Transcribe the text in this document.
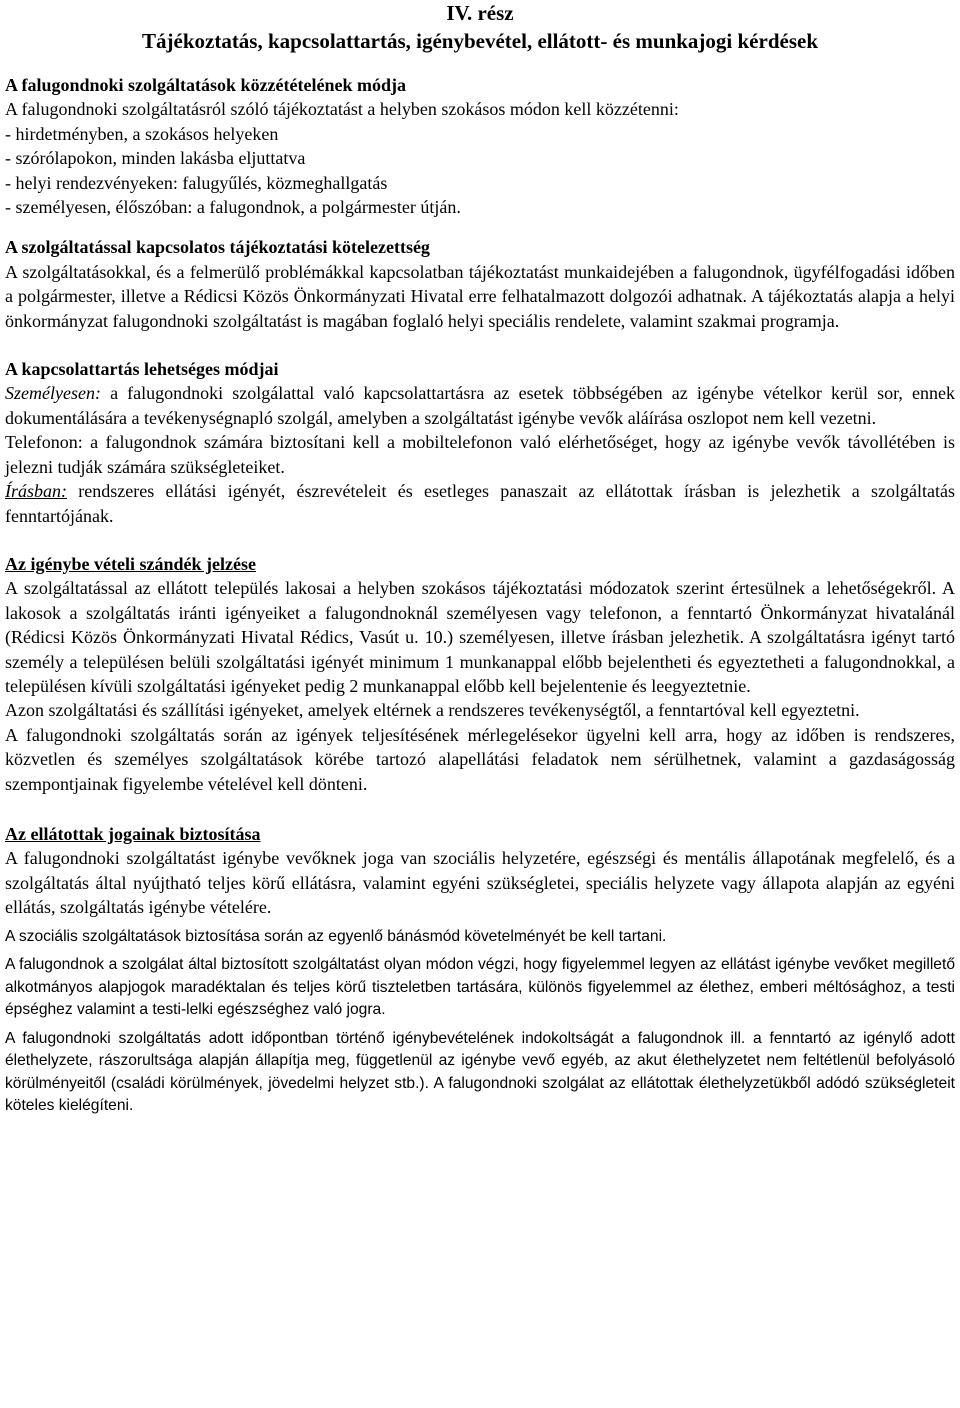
IV. rész
Tájékoztatás, kapcsolattartás, igénybevétel, ellátott- és munkajogi kérdések
A falugondnoki szolgáltatások közzétételének módja
A falugondnoki szolgáltatásról szóló tájékoztatást a helyben szokásos módon kell közzétenni:
- hirdetményben, a szokásos helyeken
- szórólapokon, minden lakásba eljuttatva
- helyi rendezvényeken: falugyűlés, közmeghallgatás
- személyesen, élőszóban: a falugondnok, a polgármester útján.
A szolgáltatással kapcsolatos tájékoztatási kötelezettség
A szolgáltatásokkal, és a felmerülő problémákkal kapcsolatban tájékoztatást munkaidejében a falugondnok, ügyfélfogadási időben a polgármester, illetve a Rédicsi Közös Önkormányzati Hivatal erre felhatalmazott dolgozói adhatnak. A tájékoztatás alapja a helyi önkormányzat falugondnoki szolgáltatást is magában foglaló helyi speciális rendelete, valamint szakmai programja.
A kapcsolattartás lehetséges módjai
Személyesen: a falugondnoki szolgálattal való kapcsolattartásra az esetek többségében az igénybe vételkor kerül sor, ennek dokumentálására a tevékenységnapló szolgál, amelyben a szolgáltatást igénybe vevők aláírása oszlopot nem kell vezetni.
Telefonon: a falugondnok számára biztosítani kell a mobiltelefonon való elérhetőséget, hogy az igénybe vevők távollétében is jelezni tudják számára szükségleteiket.
Írásban: rendszeres ellátási igényét, észrevételeit és esetleges panaszait az ellátottak írásban is jelezhetik a szolgáltatás fenntartójának.
Az igénybe vételi szándék jelzése
A szolgáltatással az ellátott település lakosai a helyben szokásos tájékoztatási módozatok szerint értesülnek a lehetőségekről. A lakosok a szolgáltatás iránti igényeiket a falugondnoknál személyesen vagy telefonon, a fenntartó Önkormányzat hivatalánál (Rédicsi Közös Önkormányzati Hivatal Rédics, Vasút u. 10.) személyesen, illetve írásban jelezhetik. A szolgáltatásra igényt tartó személy a településen belüli szolgáltatási igényét minimum 1 munkanappal előbb bejelentheti és egyeztetheti a falugondnokkal, a településen kívüli szolgáltatási igényeket pedig 2 munkanappal előbb kell bejelentenie és leegyeztetnie.
Azon szolgáltatási és szállítási igényeket, amelyek eltérnek a rendszeres tevékenységtől, a fenntartóval kell egyeztetni.
A falugondnoki szolgáltatás során az igények teljesítésének mérlegelésekor ügyelni kell arra, hogy az időben is rendszeres, közvetlen és személyes szolgáltatások körébe tartozó alapellátási feladatok nem sérülhetnek, valamint a gazdaságosság szempontjainak figyelembe vételével kell dönteni.
Az ellátottak jogainak biztosítása
A falugondnoki szolgáltatást igénybe vevőknek joga van szociális helyzetére, egészségi és mentális állapotának megfelelő, és a szolgáltatás által nyújtható teljes körű ellátásra, valamint egyéni szükségletei, speciális helyzete vagy állapota alapján az egyéni ellátás, szolgáltatás igénybe vételére.
A szociális szolgáltatások biztosítása során az egyenlő bánásmód követelményét be kell tartani.
A falugondnok a szolgálat által biztosított szolgáltatást olyan módon végzi, hogy figyelemmel legyen az ellátást igénybe vevőket megillető alkotmányos alapjogok maradéktalan és teljes körű tiszteletben tartására, különös figyelemmel az élethez, emberi méltósághoz, a testi épséghez valamint a testi-lelki egészséghez való jogra.
A falugondnoki szolgáltatás adott időpontban történő igénybevételének indokoltságát a falugondnok ill. a fenntartó az igénylő adott élethelyzete, rászorultsága alapján állapítja meg, függetlenül az igénybe vevő egyéb, az akut élethelyzetet nem feltétlenül befolyásoló körülményeitől (családi körülmények, jövedelmi helyzet stb.). A falugondnoki szolgálat az ellátottak élethelyzetükből adódó szükségleteit köteles kielégíteni.
